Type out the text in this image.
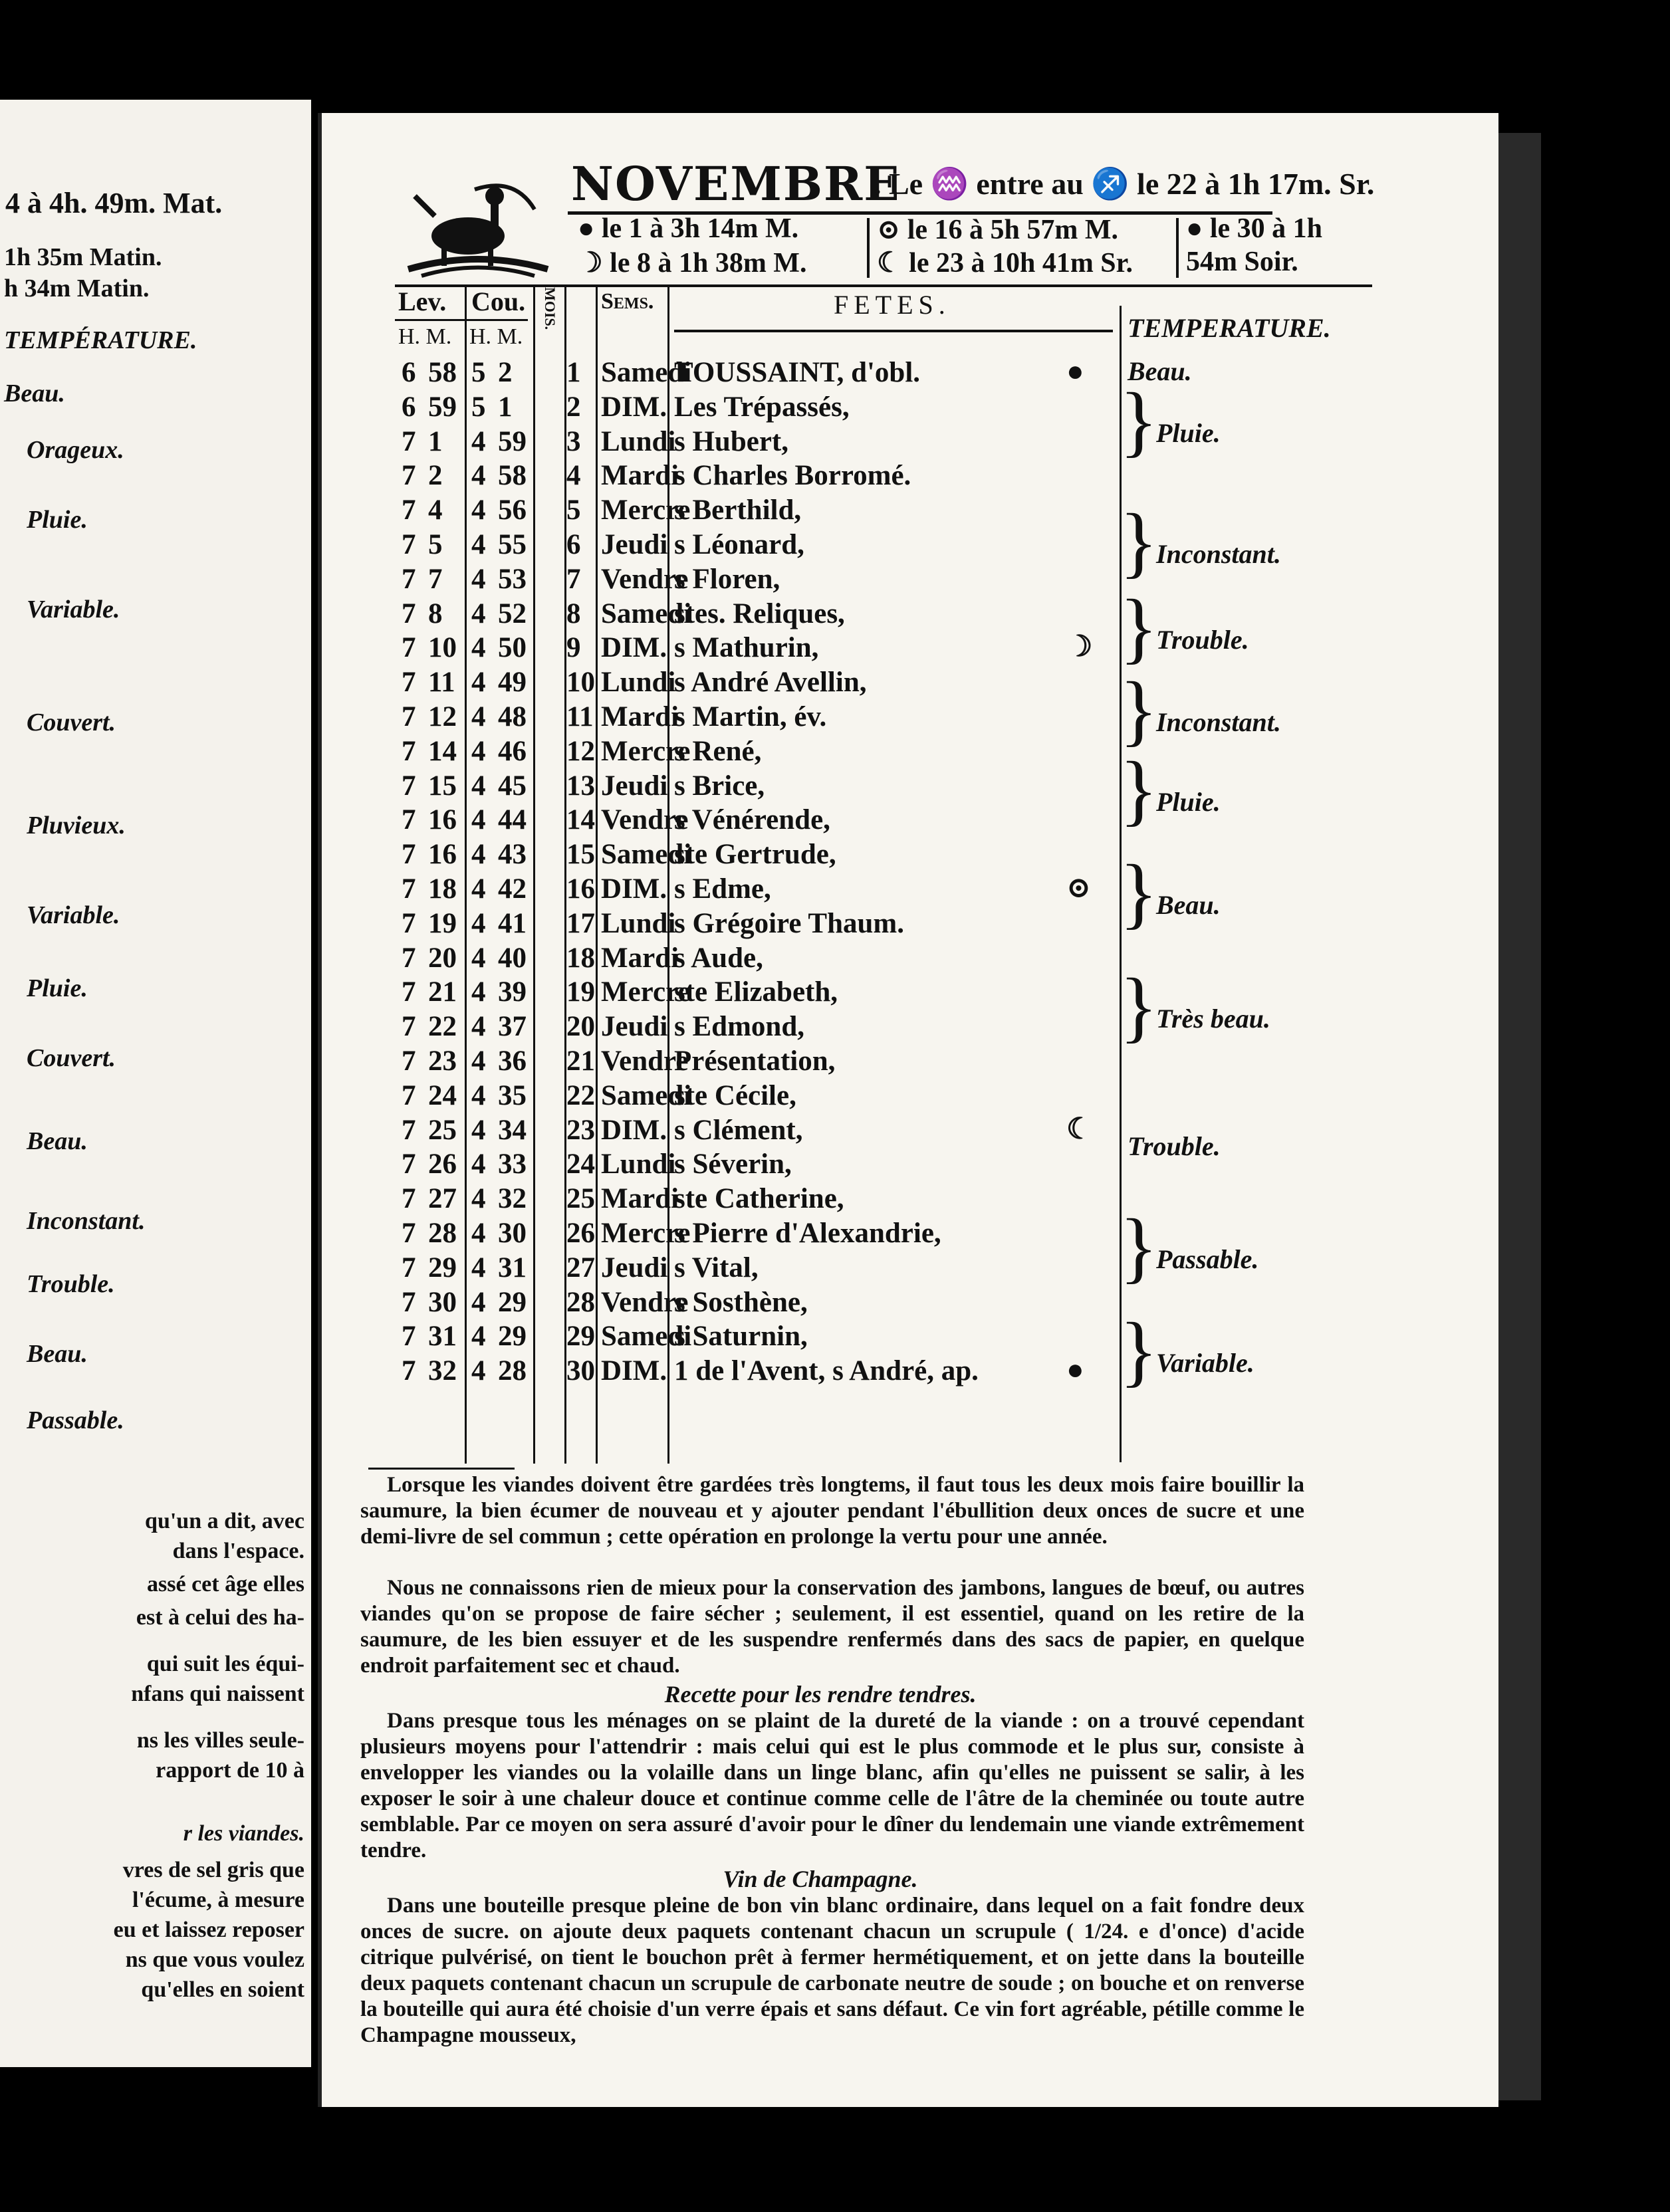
4 à 4h. 49m. Mat.
1h 35m Matin.
h 34m Matin.
TEMPÉRATURE.
Beau.
Orageux.
Pluie.
Variable.
Couvert.
Pluvieux.
Variable.
Pluie.
Couvert.
Beau.
Inconstant.
Trouble.
Beau.
Passable.
qu'un a dit, avec
dans l'espace.
assé cet âge elles
est à celui des ha-
qui suit les équi-
nfans qui naissent
ns les villes seule-
rapport de 10 à
r les viandes.
vres de sel gris que
l'écume, à mesure
eu et laissez reposer
ns que vous voulez
qu'elles en soient
NOVEMBRE
. Le ♒ entre au ♐ le 22 à 1h 17m. Sr.
● le 1 à 3h 14m M.
☽ le 8 à 1h 38m M.
⊙ le 16 à 5h 57m M.
☾ le 23 à 10h 41m Sr.
● le 30 à 1h
54m Soir.
Lev. Cou. MOIS. Sems.	FETES.
TEMPERATURE.
H. M. H. M.
6 58 5 2 1 Samedi
TOUSSAINT, d'obl.
6 59 5 1 2 DIM. Les Trépassés,
7 1 4 59 3 Lundi
s Hubert,
7 2 4 58 4 Mardi
s Charles Borromé.
7 4 4 56 5 Mercre
s Berthild,
7 5 4 55 6 Jeudi s Léonard,
7 7 4 53 7 Vendre
s Floren,
7 8 4 52 8 Samedi
stes. Reliques,
7 10 4 50 9 DIM. s Mathurin,
7 11 4 49 10 Lundi
s André Avellin,
7 12 4 48 11 Mardi
s Martin, év.
7 14 4 46 12 Mercre
s René,
7 15 4 45 13 Jeudi s Brice,
7 16 4 44 14 Vendre
s Vénérende,
7 16 4 43 15 Samedi
ste Gertrude,
7 18 4 42 16 DIM. s Edme,
7 19 4 41 17 Lundi
s Grégoire Thaum.
7 20 4 40 18 Mardi
s Aude,
7 21 4 39 19 Mercre
ste Elizabeth,
7 22 4 37 20 Jeudi s Edmond,
7 23 4 36 21 Vendre
Présentation,
7 24 4 35 22 Samedi
ste Cécile,
7 25 4 34 23 DIM. s Clément,
7 26 4 33 24 Lundi
s Séverin,
7 27 4 32 25 Mardi
ste Catherine,
7 28 4 30 26 Mercre
s Pierre d'Alexandrie,
7 29 4 31 27 Jeudi s Vital,
7 30 4 29 28 Vendre
s Sosthène,
7 31 4 29 29 Samedi
s Saturnin,
7 32 4 28 30 DIM. 1 de l'Avent, s André, ap.
●
☽
⊙
☾
●
Beau.
}
Pluie.
}
Inconstant.
}
Trouble.
}
Inconstant.
}
Pluie.
}
Beau.
}
Très beau.
Trouble.
}
Passable.
}
Variable.

Lorsque les viandes doivent être gardées très longtems, il faut tous les deux mois faire bouillir la saumure, la bien écumer de nouveau et y ajouter pendant l'ébullition deux onces de sucre et une demi-livre de sel commun ; cette opération en prolonge la vertu pour une année.

Nous ne connaissons rien de mieux pour la conservation des jambons, langues de bœuf, ou autres viandes qu'on se propose de faire sécher ; seulement, il est essentiel, quand on les retire de la saumure, de les bien essuyer et de les suspendre renfermés dans des sacs de papier, en quelque endroit parfaitement sec et chaud.

Recette pour les rendre tendres.

Dans presque tous les ménages on se plaint de la dureté de la viande : on a trouvé cependant plusieurs moyens pour l'attendrir : mais celui qui est le plus commode et le plus sur, consiste à envelopper les viandes ou la volaille dans un linge blanc, afin qu'elles ne puissent se salir, à les exposer le soir à une chaleur douce et continue comme celle de l'âtre de la cheminée ou toute autre semblable. Par ce moyen on sera assuré d'avoir pour le dîner du lendemain une viande extrêmement tendre.

Vin de Champagne.

Dans une bouteille presque pleine de bon vin blanc ordinaire, dans lequel on a fait fondre deux onces de sucre. on ajoute deux paquets contenant chacun un scrupule ( 1/24. e d'once) d'acide citrique pulvérisé, on tient le bouchon prêt à fermer hermétiquement, et on jette dans la bouteille deux paquets contenant chacun un scrupule de carbonate neutre de soude ; on bouche et on renverse la bouteille qui aura été choisie d'un verre épais et sans défaut. Ce vin fort agréable, pétille comme le Champagne mousseux,
